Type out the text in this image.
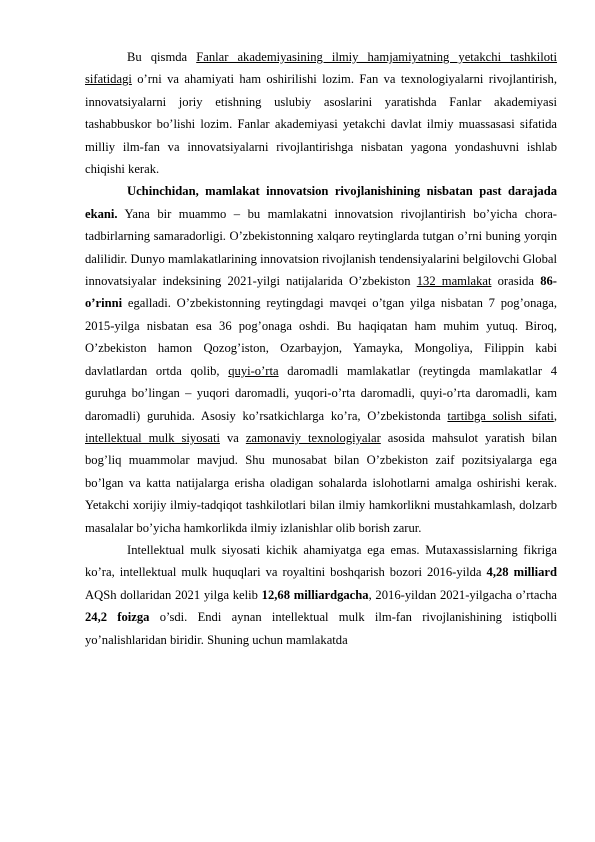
Bu qismda Fanlar akademiyasining ilmiy hamjamiyatning yetakchi tashkiloti sifatidagi o’rni va ahamiyati ham oshirilishi lozim. Fan va texnologiyalarni rivojlantirish, innovatsiyalarni joriy etishning uslubiy asoslarini yaratishda Fanlar akademiyasi tashabbuskor bo’lishi lozim. Fanlar akademiyasi yetakchi davlat ilmiy muassasasi sifatida milliy ilm-fan va innovatsiyalarni rivojlantirishga nisbatan yagona yondashuvni ishlab chiqishi kerak.

Uchinchidan, mamlakat innovatsion rivojlanishining nisbatan past darajada ekani. Yana bir muammo – bu mamlakatni innovatsion rivojlantirish bo’yicha chora-tadbirlarning samaradorligi. O’zbekistonning xalqaro reytinglarda tutgan o’rni buning yorqin dalilidir. Dunyo mamlakatlarining innovatsion rivojlanish tendensiyalarini belgilovchi Global innovatsiyalar indeksining 2021-yilgi natijalarida O’zbekiston 132 mamlakat orasida 86-o’rinni egalladi. O’zbekistonning reytingdagi mavqei o’tgan yilga nisbatan 7 pog’onaga, 2015-yilga nisbatan esa 36 pog’onaga oshdi. Bu haqiqatan ham muhim yutuq. Biroq, O’zbekiston hamon Qozog’iston, Ozarbayjon, Yamayka, Mongoliya, Filippin kabi davlatlardan ortda qolib, quyi-o’rta daromadli mamlakatlar (reytingda mamlakatlar 4 guruhga bo’lingan – yuqori daromadli, yuqori-o’rta daromadli, quyi-o’rta daromadli, kam daromadli) guruhida. Asosiy ko’rsatkichlarga ko’ra, O’zbekistonda tartibga solish sifati, intellektual mulk siyosati va zamonaviy texnologiyalar asosida mahsulot yaratish bilan bog’liq muammolar mavjud. Shu munosabat bilan O’zbekiston zaif pozitsiyalarga ega bo’lgan va katta natijalarga erisha oladigan sohalarda islohotlarni amalga oshirishi kerak. Yetakchi xorijiy ilmiy-tadqiqot tashkilotlari bilan ilmiy hamkorlikni mustahkamlash, dolzarb masalalar bo’yicha hamkorlikda ilmiy izlanishlar olib borish zarur.

Intellektual mulk siyosati kichik ahamiyatga ega emas. Mutaxassislarning fikriga ko’ra, intellektual mulk huquqlari va royaltini boshqarish bozori 2016-yilda 4,28 milliard AQSh dollaridan 2021 yilga kelib 12,68 milliardgacha, 2016-yildan 2021-yilgacha o’rtacha 24,2 foizga o’sdi. Endi aynan intellektual mulk ilm-fan rivojlanishining istiqbolli yo’nalishlaridan biridir. Shuning uchun mamlakatda
